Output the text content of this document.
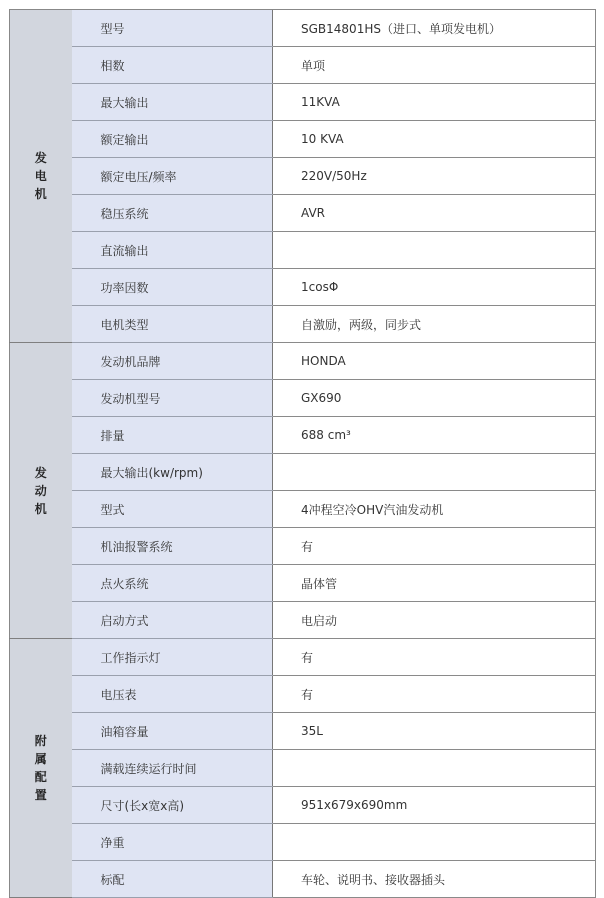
发电机	型号	SGB14801HS（进口、单项发电机）
	相数	单项
	最大输出	11KVA
	额定输出	10 KVA
	额定电压/频率	220V/50Hz
	稳压系统	AVR
	直流输出	
	功率因数	1cosΦ
	电机类型	自激励，两级，同步式
发动机	发动机品牌	HONDA
	发动机型号	GX690
	排量	688 cm³
	最大输出(kw/rpm)	
	型式	4冲程空冷OHV汽油发动机
	机油报警系统	有
	点火系统	晶体管
	启动方式	电启动
附属配置	工作指示灯	有
	电压表	有
	油箱容量	35L
	满载连续运行时间	
	尺寸(长x宽x高)	951x679x690mm
	净重	
	标配	车轮、说明书、接收器插头
